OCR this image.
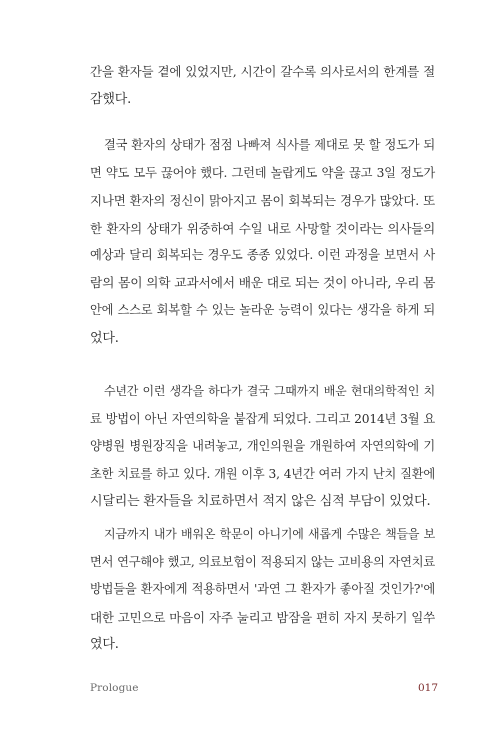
간을 환자들 곁에 있었지만, 시간이 갈수록 의사로서의 한계를 절
감했다.
결국 환자의 상태가 점점 나빠져 식사를 제대로 못 할 정도가 되
면 약도 모두 끊어야 했다. 그런데 놀랍게도 약을 끊고 3일 정도가
지나면 환자의 정신이 맑아지고 몸이 회복되는 경우가 많았다. 또
한 환자의 상태가 위중하여 수일 내로 사망할 것이라는 의사들의
예상과 달리 회복되는 경우도 종종 있었다. 이런 과정을 보면서 사
람의 몸이 의학 교과서에서 배운 대로 되는 것이 아니라, 우리 몸
안에 스스로 회복할 수 있는 놀라운 능력이 있다는 생각을 하게 되
었다.
수년간 이런 생각을 하다가 결국 그때까지 배운 현대의학적인 치
료 방법이 아닌 자연의학을 붙잡게 되었다. 그리고 2014년 3월 요
양병원 병원장직을 내려놓고, 개인의원을 개원하여 자연의학에 기
초한 치료를 하고 있다. 개원 이후 3, 4년간 여러 가지 난치 질환에
시달리는 환자들을 치료하면서 적지 않은 심적 부담이 있었다.
지금까지 내가 배워온 학문이 아니기에 새롭게 수많은 책들을 보
면서 연구해야 했고, 의료보험이 적용되지 않는 고비용의 자연치료
방법들을 환자에게 적용하면서 '과연 그 환자가 좋아질 것인가?'에
대한 고민으로 마음이 자주 눌리고 밤잠을 편히 자지 못하기 일쑤
였다.
Prologue	017
